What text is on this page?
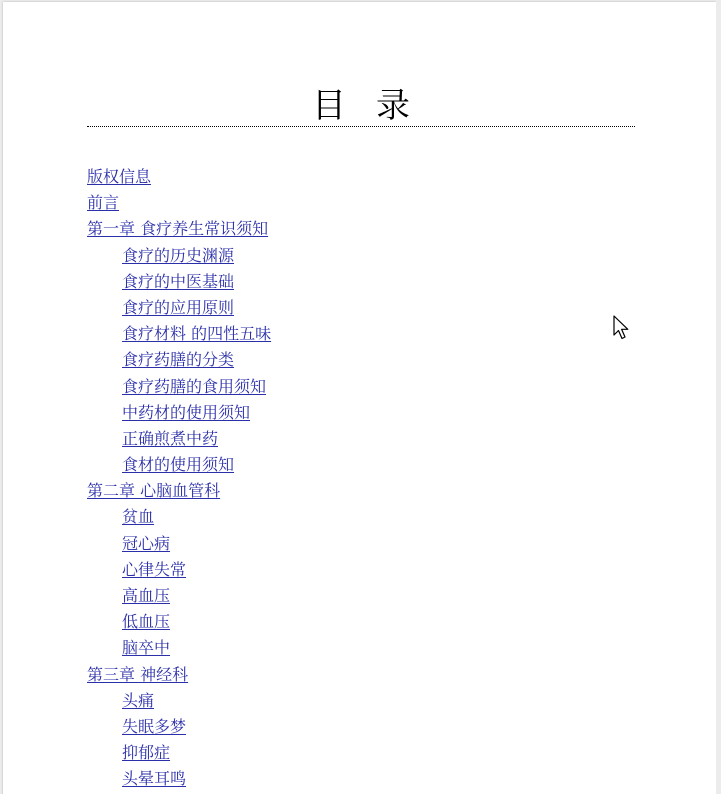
目录
版权信息
前言
第一章 食疗养生常识须知
食疗的历史渊源
食疗的中医基础
食疗的应用原则
食疗材料 的四性五味
食疗药膳的分类
食疗药膳的食用须知
中药材的使用须知
正确煎煮中药
食材的使用须知
第二章 心脑血管科
贫血
冠心病
心律失常
高血压
低血压
脑卒中
第三章 神经科
头痛
失眠多梦
抑郁症
头晕耳鸣
